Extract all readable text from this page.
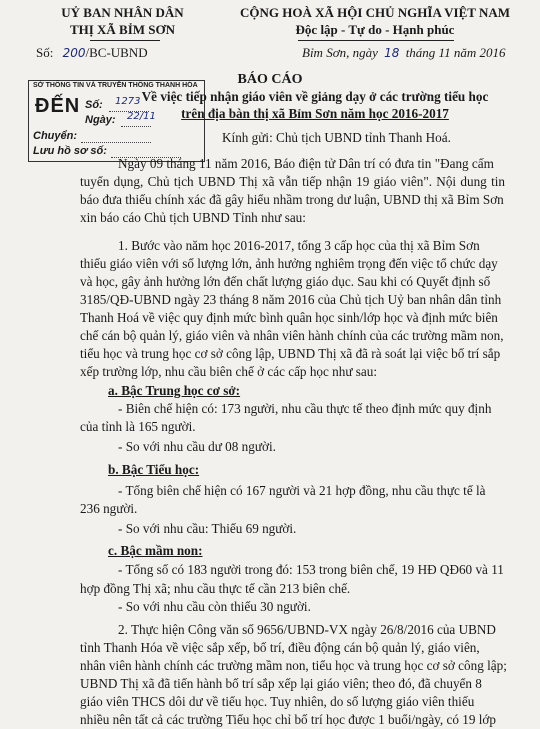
UỶ BAN NHÂN DÂN
THỊ XÃ BỈM SƠN
Số: 200/BC-UBND
CỘNG HOÀ XÃ HỘI CHỦ NGHĨA VIỆT NAM
Độc lập - Tự do - Hạnh phúc
Bỉm Sơn, ngày 18 tháng 11 năm 2016
SỞ THÔNG TIN VÀ TRUYỀN THÔNG THANH HÓA
ĐẾN Số: 1273
Ngày: 22/11
Chuyển:
Lưu hồ sơ số:
BÁO CÁO
Về việc tiếp nhận giáo viên về giảng dạy ở các trường tiểu học
trên địa bàn thị xã Bỉm Sơn năm học 2016-2017
Kính gửi: Chủ tịch UBND tỉnh Thanh Hoá.
Ngày 09 tháng 11 năm 2016, Báo điện tử Dân trí có đưa tin "Đang cấm
tuyển dụng, Chủ tịch UBND Thị xã vẫn tiếp nhận 19 giáo viên". Nội dung tin
báo đưa thiếu chính xác đã gây hiểu nhầm trong dư luận, UBND thị xã Bỉm Sơn
xin báo cáo Chủ tịch UBND Tỉnh như sau:
1. Bước vào năm học 2016-2017, tổng 3 cấp học của thị xã Bỉm Sơn
thiếu giáo viên với số lượng lớn, ảnh hưởng nghiêm trọng đến việc tổ chức dạy
và học, gây ảnh hưởng lớn đến chất lượng giáo dục. Sau khi có Quyết định số
3185/QĐ-UBND ngày 23 tháng 8 năm 2016 của Chủ tịch Uỷ ban nhân dân tỉnh
Thanh Hoá về việc quy định mức bình quân học sinh/lớp học và định mức biên
chế cán bộ quản lý, giáo viên và nhân viên hành chính của các trường mầm non,
tiểu học và trung học cơ sở công lập, UBND Thị xã đã rà soát lại việc bố trí sắp
xếp trường lớp, nhu cầu biên chế ở các cấp học như sau:
a. Bậc Trung học cơ sở:
- Biên chế hiện có: 173 người, nhu cầu thực tế theo định mức quy định
của tỉnh là 165 người.
- So với nhu cầu dư 08 người.
b. Bậc Tiểu học:
- Tổng biên chế hiện có 167 người và 21 hợp đồng, nhu cầu thực tế là
236 người.
- So với nhu cầu: Thiếu 69 người.
c. Bậc mầm non:
- Tổng số có 183 người trong đó: 153 trong biên chế, 19 HĐ QĐ60 và 11
hợp đồng Thị xã; nhu cầu thực tế cần 213 biên chế.
- So với nhu cầu còn thiếu 30 người.
2. Thực hiện Công văn số 9656/UBND-VX ngày 26/8/2016 của UBND
tỉnh Thanh Hóa về việc sắp xếp, bố trí, điều động cán bộ quản lý, giáo viên,
nhân viên hành chính các trường mầm non, tiểu học và trung học cơ sở công lập;
UBND Thị xã đã tiến hành bố trí sắp xếp lại giáo viên; theo đó, đã chuyển 8
giáo viên THCS dôi dư về tiểu học. Tuy nhiên, do số lượng giáo viên thiếu
nhiều nên tất cả các trường Tiểu học chỉ bố trí học được 1 buổi/ngày, có 19 lớp
